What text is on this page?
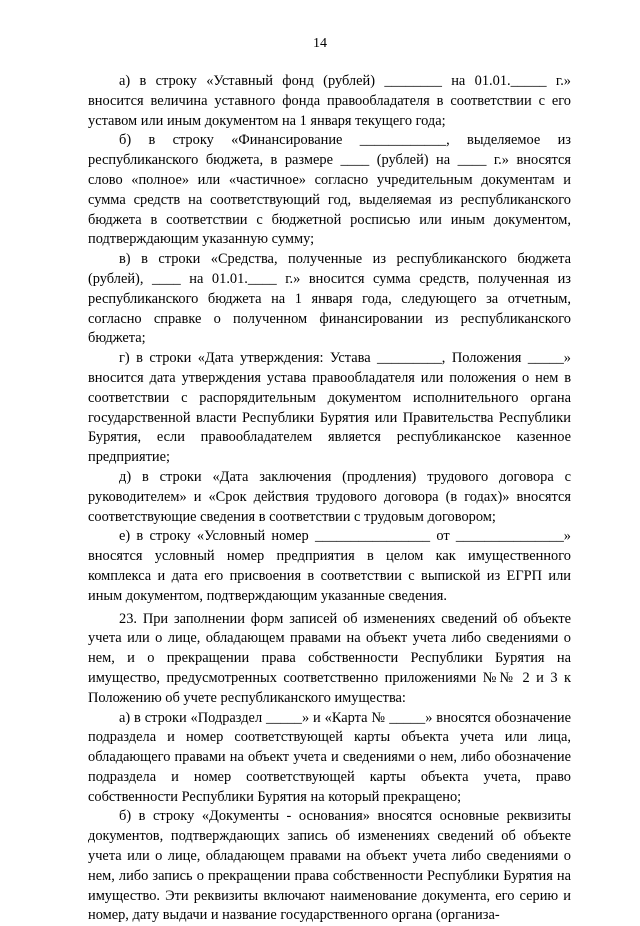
14

а) в строку «Уставный фонд (рублей) ________ на 01.01._____ г.» вносится величина уставного фонда правообладателя в соответствии с его уставом или иным документом на 1 января текущего года;

б) в строку «Финансирование ____________, выделяемое из республиканского бюджета, в размере ____ (рублей) на ____ г.» вносятся слово «полное» или «частичное» согласно учредительным документам и сумма средств на соответствующий год, выделяемая из республиканского бюджета в соответствии с бюджетной росписью или иным документом, подтверждающим указанную сумму;

в) в строки «Средства, полученные из республиканского бюджета (рублей), ____ на 01.01.____ г.» вносится сумма средств, полученная из республиканского бюджета на 1 января года, следующего за отчетным, согласно справке о полученном финансировании из республиканского бюджета;

г) в строки «Дата утверждения: Устава _________, Положения _____» вносится дата утверждения устава правообладателя или положения о нем в соответствии с распорядительным документом исполнительного органа государственной власти Республики Бурятия или Правительства Республики Бурятия, если правообладателем является республиканское казенное предприятие;

д) в строки «Дата заключения (продления) трудового договора с руководителем» и «Срок действия трудового договора (в годах)» вносятся соответствующие сведения в соответствии с трудовым договором;

е) в строку «Условный номер ________________ от _______________» вносятся условный номер предприятия в целом как имущественного комплекса и дата его присвоения в соответствии с выпиской из ЕГРП или иным документом, подтверждающим указанные сведения.

23. При заполнении форм записей об изменениях сведений об объекте учета или о лице, обладающем правами на объект учета либо сведениями о нем, и о прекращении права собственности Республики Бурятия на имущество, предусмотренных соответственно приложениями №№ 2 и 3 к Положению об учете республиканского имущества:

а) в строки «Подраздел _____» и «Карта № _____» вносятся обозначение подраздела и номер соответствующей карты объекта учета или лица, обладающего правами на объект учета и сведениями о нем, либо обозначение подраздела и номер соответствующей карты объекта учета, право собственности Республики Бурятия на который прекращено;

б) в строку «Документы - основания» вносятся основные реквизиты документов, подтверждающих запись об изменениях сведений об объекте учета или о лице, обладающем правами на объект учета либо сведениями о нем, либо запись о прекращении права собственности Республики Бурятия на имущество. Эти реквизиты включают наименование документа, его серию и номер, дату выдачи и название государственного органа (организа-
